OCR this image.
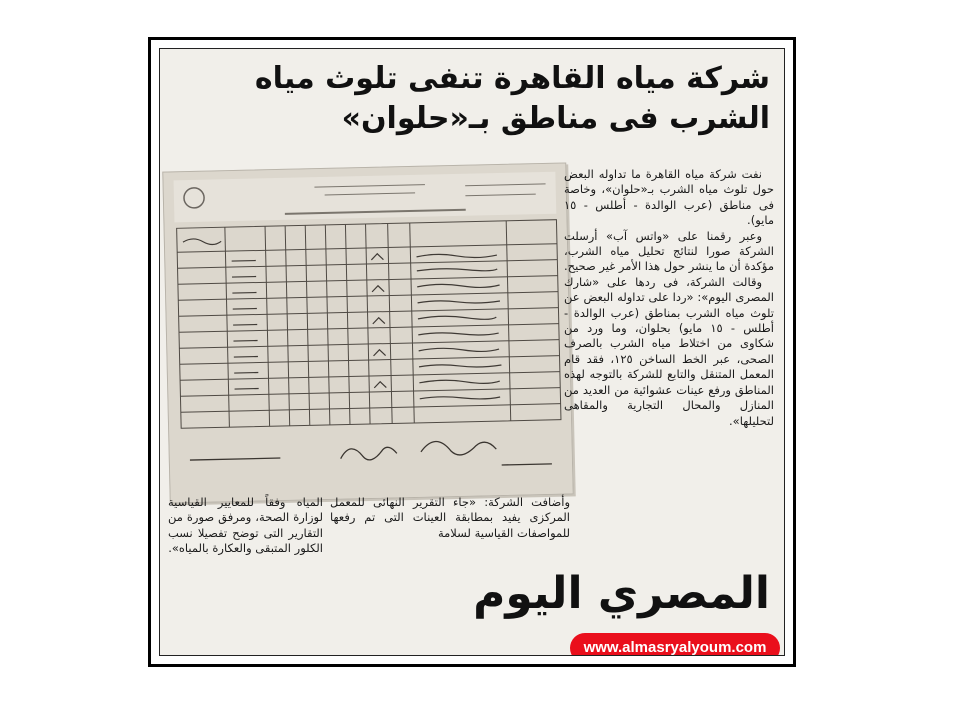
شركة مياه القاهرة تنفى تلوث مياه
الشرب فى مناطق بـ«حلوان»

نفت شركة مياه القاهرة ما تداوله البعض حول تلوث مياه الشرب بـ«حلوان»، وخاصة فى مناطق (عرب الوالدة - أطلس - ١٥ مايو).

وعبر رقمنا على «واتس آب» أرسلت الشركة صورا لنتائج تحليل مياه الشرب، مؤكدة أن ما ينشر حول هذا الأمر غير صحيح.

وقالت الشركة، فى ردها على «شارك المصرى اليوم»: «ردا على تداوله البعض عن تلوث مياه الشرب بمناطق (عرب الوالدة - أطلس - ١٥ مايو) بحلوان، وما ورد من شكاوى من اختلاط مياه الشرب بالصرف الصحى، عبر الخط الساخن ١٢٥، فقد قام المعمل المتنقل والتابع للشركة بالتوجه لهذه المناطق ورفع عينات عشوائية من العديد من المنازل والمحال التجارية والمقاهى لتحليلها».

وأضافت الشركة: «جاء التقرير النهائى للمعمل المركزى يفيد بمطابقة العينات التى تم رفعها للمواصفات القياسية لسلامة
المياه وفقاً للمعايير القياسية لوزارة الصحة، ومرفق صورة من التقارير التى توضح تفصيلا نسب الكلور المتبقى والعكارة بالمياه».
المصري اليوم
www.almasryalyoum.com
